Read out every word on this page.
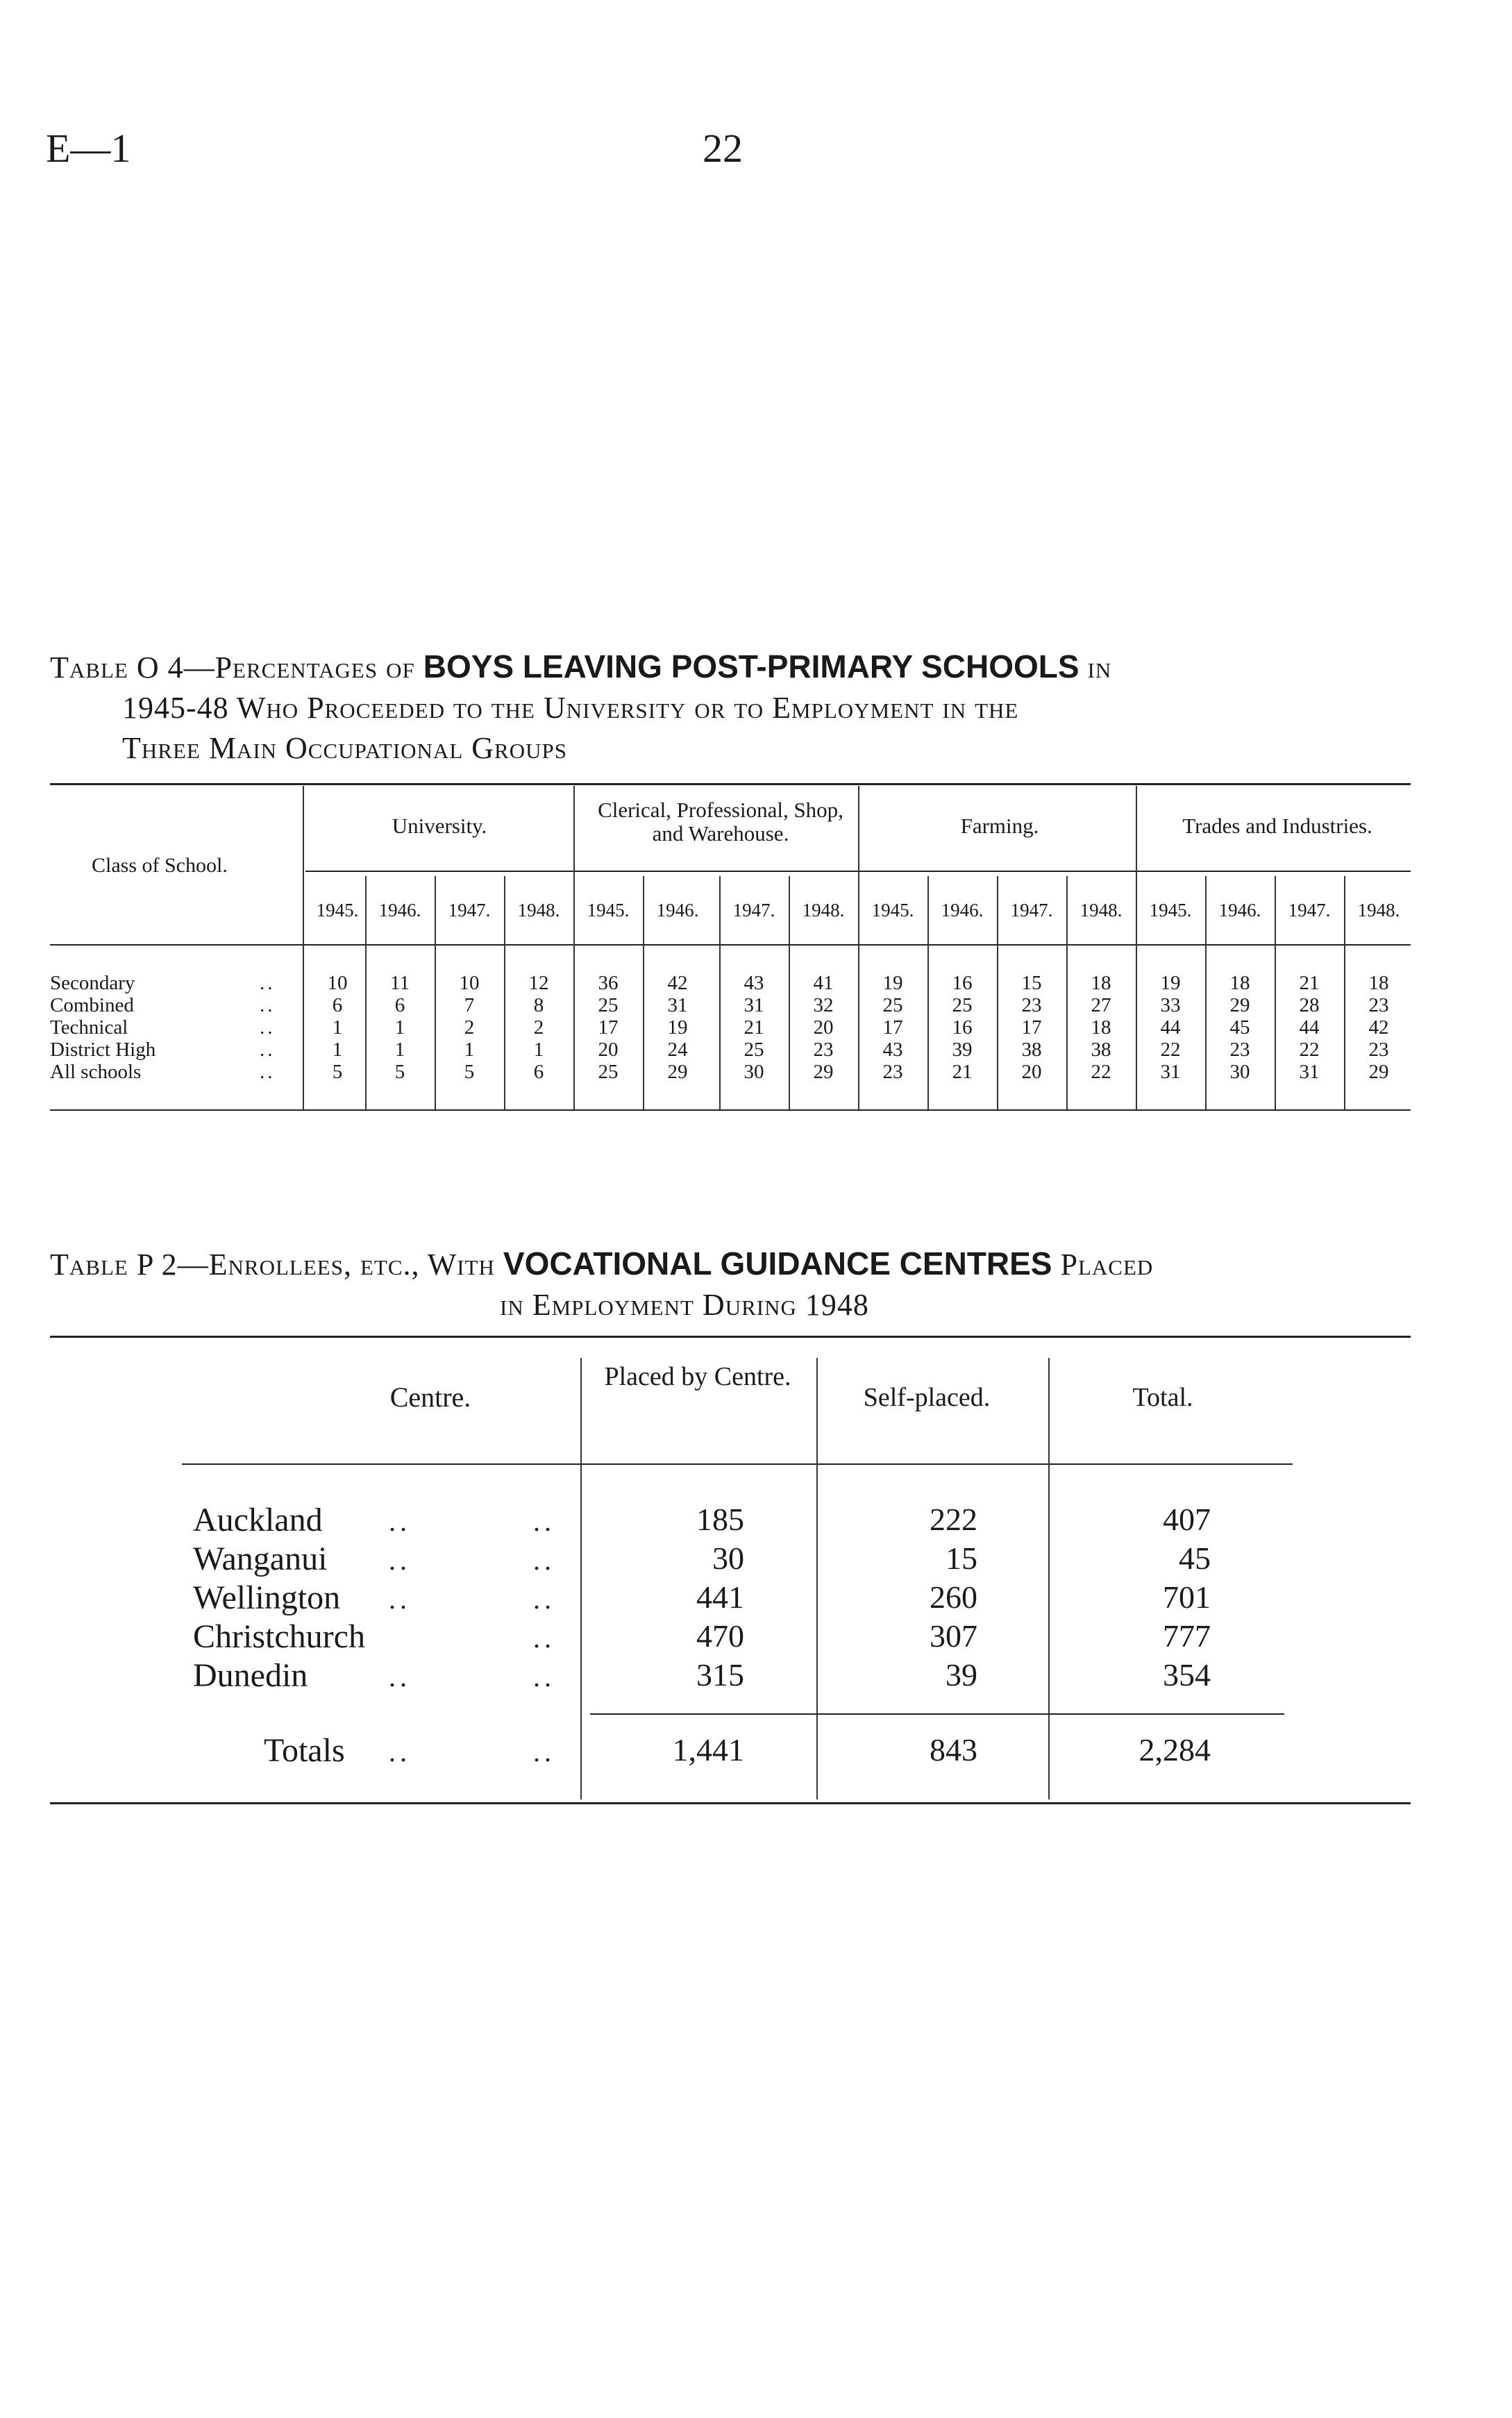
E—1	22
Table O 4—Percentages of BOYS LEAVING POST-PRIMARY SCHOOLS in
1945-48 Who Proceeded to the University or to Employment in the
Three Main Occupational Groups
Class of School.
University.
Clerical, Professional, Shop, and Warehouse.	Farming.	Trades and Industries.
1945.	1946.	1947.	1948.	1945.	1946.	1947.	1948.	1945.	1946.	1947.	1948.	1945.	1946.	1947.	1948.
Secondary	..	10	11	10	12	36	42	43	41	19	16	15	18	19	18	21	18
Combined	..	6	6	7	8	25	31	31	32	25	25	23	27	33	29	28	23
Technical	..	1	1	2	2	17	19	21	20	17	16	17	18	44	45	44	42
District High	..	1	1	1	1	20	24	25	23	43	39	38	38	22	23	22	23
All schools	..	5	5	5	6	25	29	30	29	23	21	20	22	31	30	31	29
Table P 2—Enrollees, etc., With VOCATIONAL GUIDANCE CENTRES Placed
in Employment During 1948
Centre.
Placed by Centre.
Self-placed.	Total.
Auckland ..	..	185	222	407
Wanganui ..	..	30	15	45
Wellington ..	..	441	260	701
Christchurch	..	470	307	777
Dunedin	..	..	315	39	354
Totals ..	..	1,441	843	2,284
